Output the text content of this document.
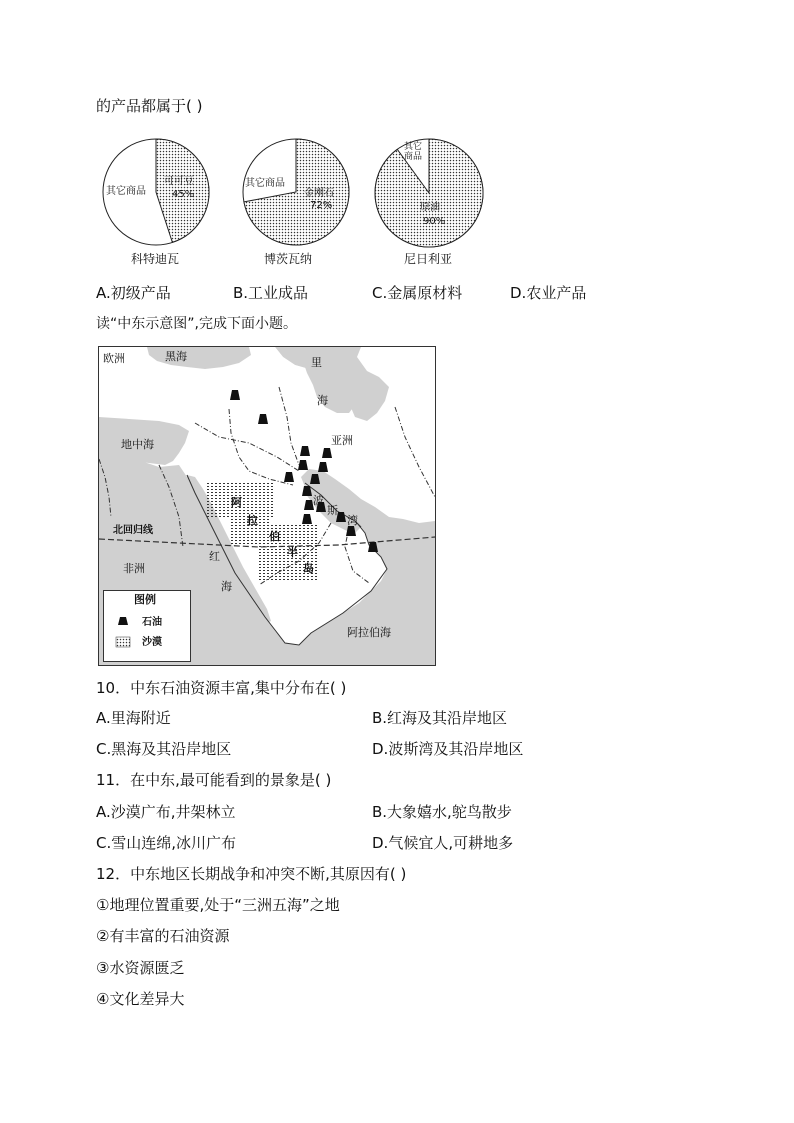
的产品都属于( )
其它商品
可可豆
45%
科特迪瓦
其它商品
金刚石
72%
博茨瓦纳
其它
商品
原油
90%
尼日利亚
A.初级产品	B.工业成品	C.金属原材料	D.农业产品
读“中东示意图”,完成下面小题。
欧洲	黑海	里
海
地中海	亚洲
北回归线
非洲
阿
拉
伯
半
岛
红
海
波
斯
湾
阿拉伯海
图例
石油
沙漠
10．中东石油资源丰富,集中分布在( )
A.里海附近	B.红海及其沿岸地区
C.黑海及其沿岸地区	D.波斯湾及其沿岸地区
11．在中东,最可能看到的景象是( )
A.沙漠广布,井架林立	B.大象嬉水,鸵鸟散步
C.雪山连绵,冰川广布	D.气候宜人,可耕地多
12．中东地区长期战争和冲突不断,其原因有( )
①地理位置重要,处于“三洲五海”之地
②有丰富的石油资源
③水资源匮乏
④文化差异大
